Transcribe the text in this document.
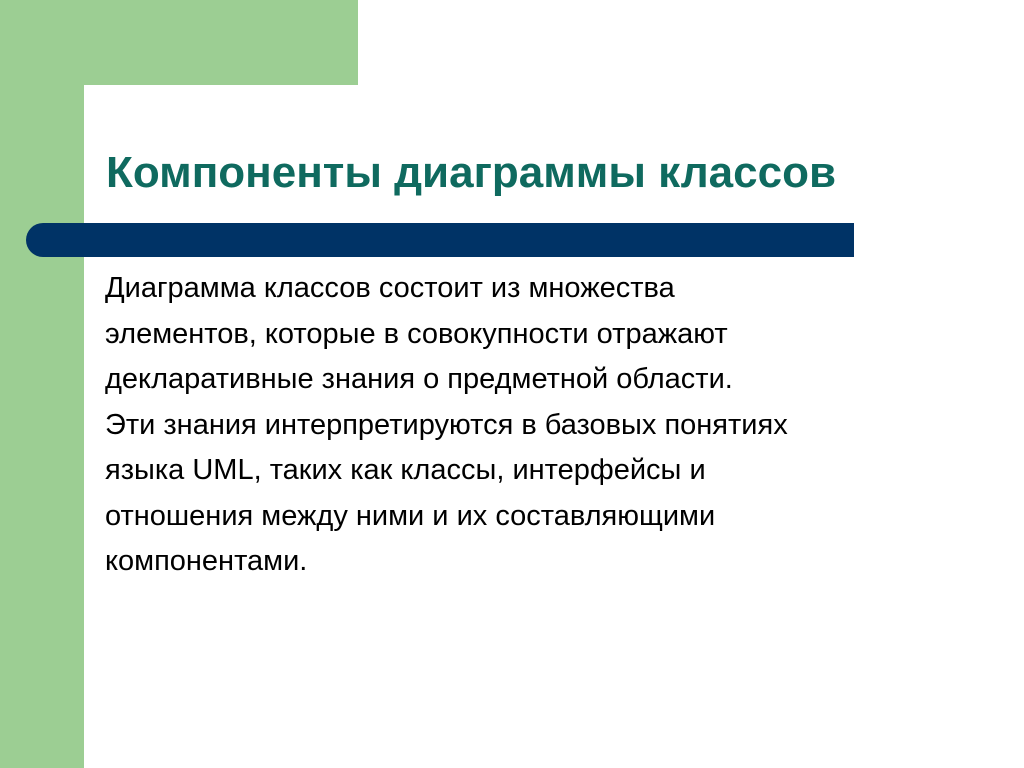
Компоненты диаграммы классов

Диаграмма классов состоит из множества
элементов, которые в совокупности отражают
декларативные знания о предметной области.
Эти знания интерпретируются в базовых понятиях
языка UML, таких как классы, интерфейсы и
отношения между ними и их составляющими
компонентами.
